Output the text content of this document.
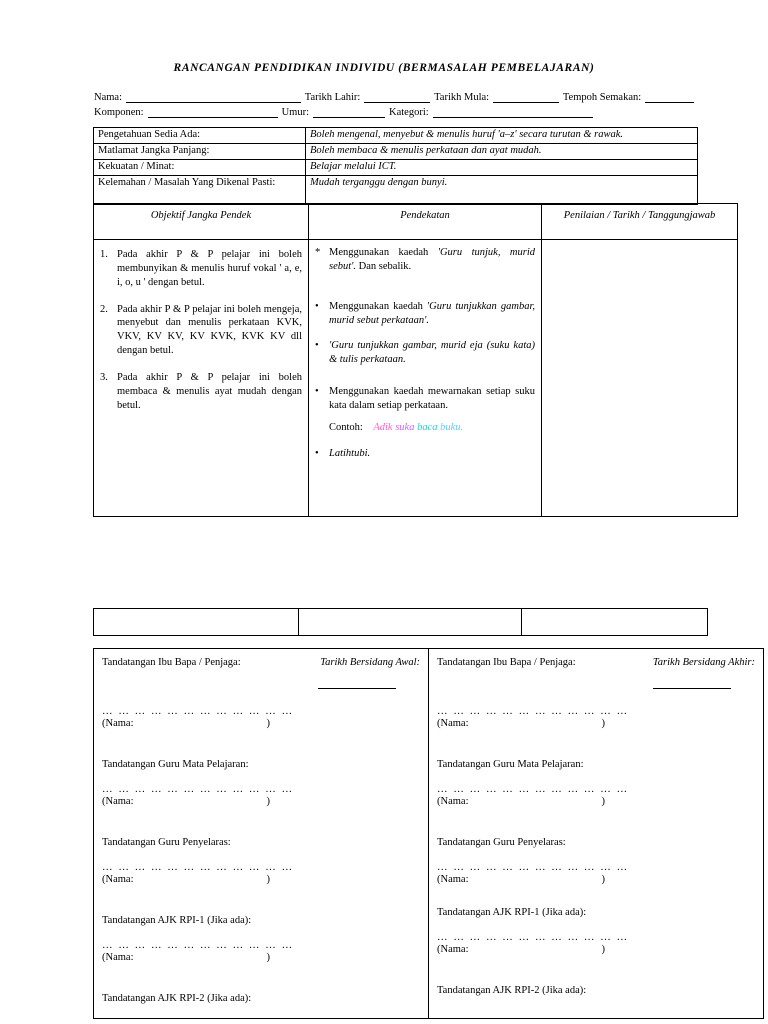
RANCANGAN PENDIDIKAN INDIVIDU (BERMASALAH PEMBELAJARAN)
Nama:	Tarikh Lahir:	Tarikh Mula:	Tempoh Semakan:
Komponen:	Umur:	Kategori:
Pengetahuan Sedia Ada:	Boleh mengenal, menyebut & menulis huruf 'a–z' secara turutan & rawak.
Matlamat Jangka Panjang:	Boleh membaca & menulis perkataan dan ayat mudah.
Kekuatan / Minat:	Belajar melalui ICT.
Kelemahan / Masalah Yang Dikenal Pasti:	Mudah terganggu dengan bunyi.
Objektif Jangka Pendek	Pendekatan	Penilaian / Tarikh / Tanggungjawab

1. Pada akhir P & P pelajar ini boleh membunyikan & menulis huruf vokal ' a, e, i, o, u ' dengan betul.
2. Pada akhir P & P pelajar ini boleh mengeja, menyebut dan menulis perkataan KVK, VKV, KV KV, KV KVK, KVK KV dll dengan betul.
3. Pada akhir P & P pelajar ini boleh membaca & menulis ayat mudah dengan betul.

* Menggunakan kaedah 'Guru tunjuk, murid sebut'. Dan sebalik.
• Menggunakan kaedah 'Guru tunjukkan gambar, murid sebut perkataan'.
• 'Guru tunjukkan gambar, murid eja (suku kata) & tulis perkataan.
• Menggunakan kaedah mewarnakan setiap suku kata dalam setiap perkataan.
Contoh: Adik suka baca buku.
• Latihtubi.

Tandatangan Ibu Bapa / Penjaga:	Tarikh Bersidang Awal:
… … … … … … … … … … … …
(Nama:	)
Tandatangan Guru Mata Pelajaran:
… … … … … … … … … … … …
(Nama:	)
Tandatangan Guru Penyelaras:
… … … … … … … … … … … …
(Nama:	)
Tandatangan AJK RPI-1 (Jika ada):
… … … … … … … … … … … …
(Nama:	)
Tandatangan AJK RPI-2 (Jika ada):

Tandatangan Ibu Bapa / Penjaga:	Tarikh Bersidang Akhir:
… … … … … … … … … … … …
(Nama:	)
Tandatangan Guru Mata Pelajaran:
… … … … … … … … … … … …
(Nama:	)
Tandatangan Guru Penyelaras:
… … … … … … … … … … … …
(Nama:	)
Tandatangan AJK RPI-1 (Jika ada):
… … … … … … … … … … … …
(Nama:	)
Tandatangan AJK RPI-2 (Jika ada):
